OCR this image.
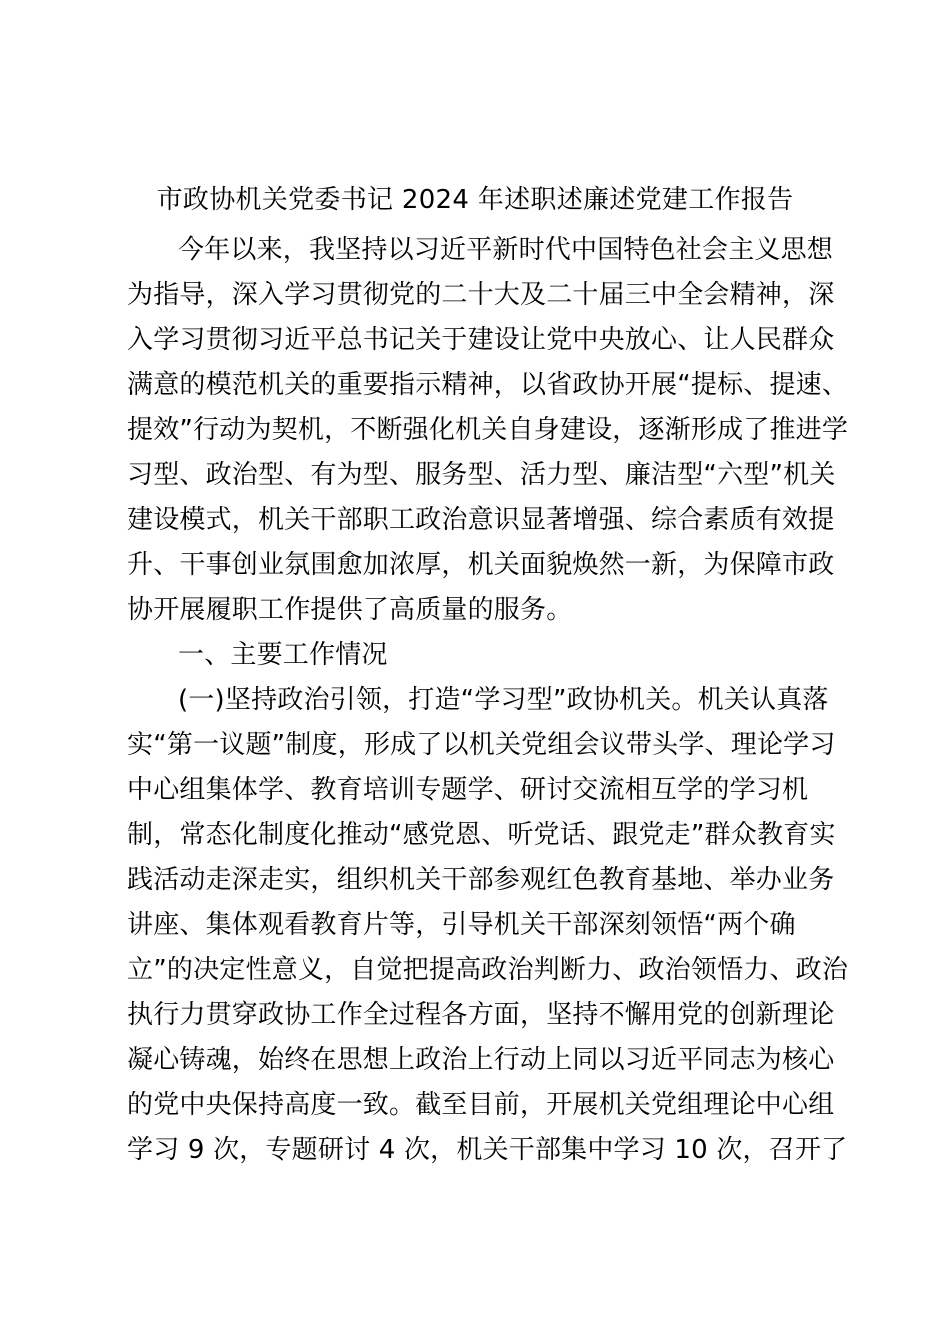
市政协机关党委书记 2024 年述职述廉述党建工作报告
今年以来，我坚持以习近平新时代中国特色社会主义思想
为指导，深入学习贯彻党的二十大及二十届三中全会精神，深
入学习贯彻习近平总书记关于建设让党中央放心、让人民群众
满意的模范机关的重要指示精神，以省政协开展“提标、提速、
提效”行动为契机，不断强化机关自身建设，逐渐形成了推进学
习型、政治型、有为型、服务型、活力型、廉洁型“六型”机关
建设模式，机关干部职工政治意识显著增强、综合素质有效提
升、干事创业氛围愈加浓厚，机关面貌焕然一新，为保障市政
协开展履职工作提供了高质量的服务。
一、主要工作情况
(一)坚持政治引领，打造“学习型”政协机关。机关认真落
实“第一议题”制度，形成了以机关党组会议带头学、理论学习
中心组集体学、教育培训专题学、研讨交流相互学的学习机
制，常态化制度化推动“感党恩、听党话、跟党走”群众教育实
践活动走深走实，组织机关干部参观红色教育基地、举办业务
讲座、集体观看教育片等，引导机关干部深刻领悟“两个确
立”的决定性意义，自觉把提高政治判断力、政治领悟力、政治
执行力贯穿政协工作全过程各方面，坚持不懈用党的创新理论
凝心铸魂，始终在思想上政治上行动上同以习近平同志为核心
的党中央保持高度一致。截至目前，开展机关党组理论中心组
学习 9 次，专题研讨 4 次，机关干部集中学习 10 次，召开了
